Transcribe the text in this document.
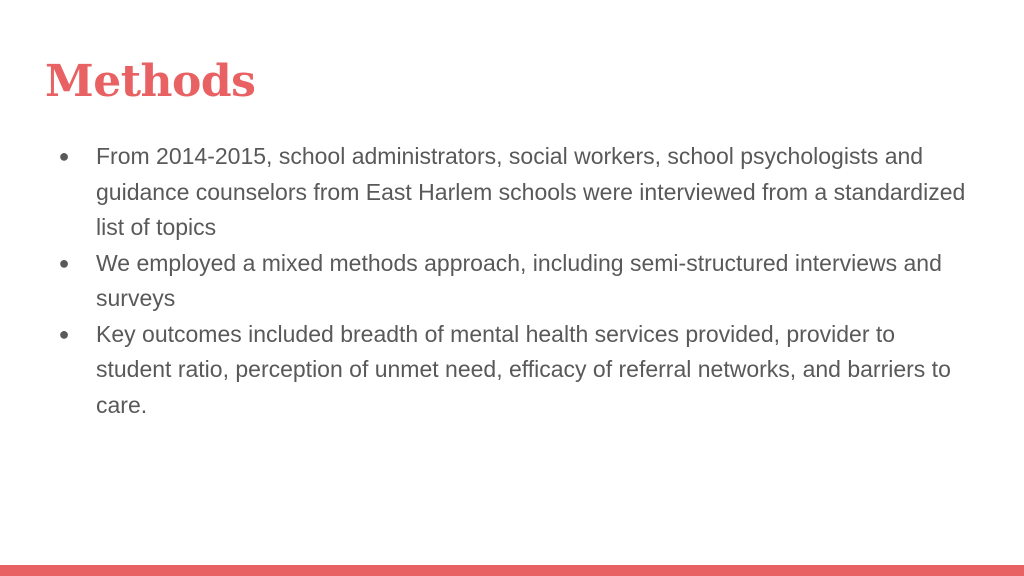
Methods
● From 2014-2015, school administrators, social workers, school psychologists and guidance counselors from East Harlem schools were interviewed from a standardized list of topics
● We employed a mixed methods approach, including semi-structured interviews and surveys
● Key outcomes included breadth of mental health services provided, provider to student ratio, perception of unmet need, efficacy of referral networks, and barriers to care.
